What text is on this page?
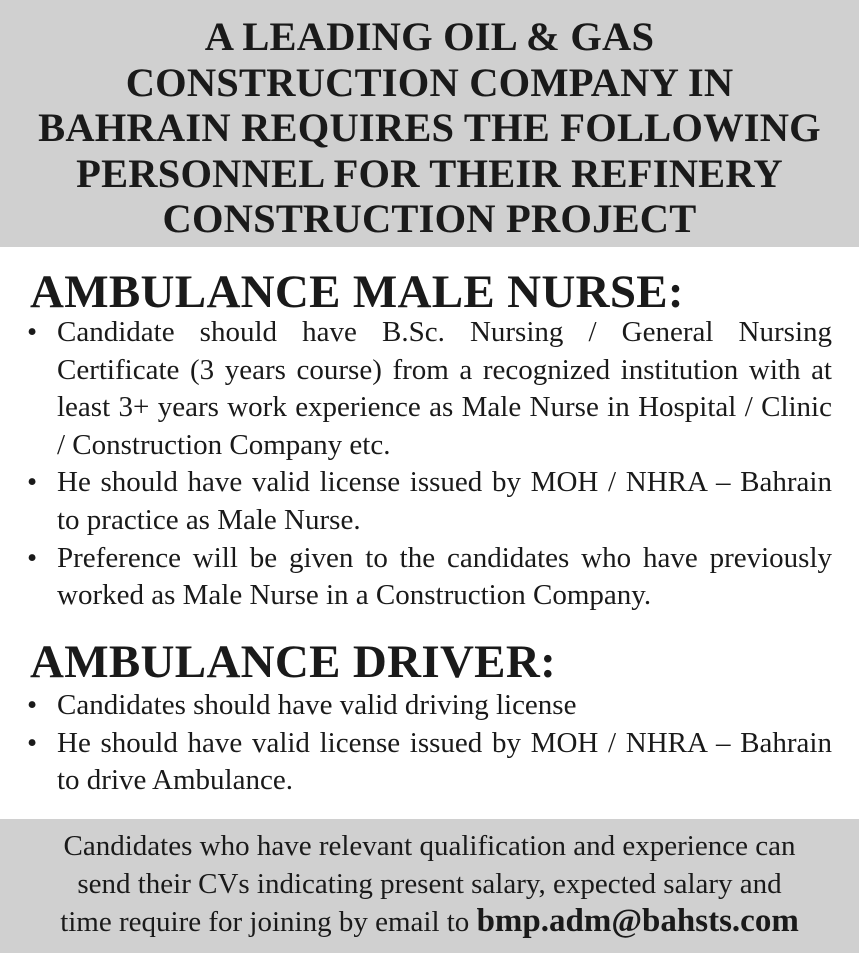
A LEADING OIL & GAS
CONSTRUCTION COMPANY IN
BAHRAIN REQUIRES THE FOLLOWING
PERSONNEL FOR THEIR REFINERY
CONSTRUCTION PROJECT
AMBULANCE MALE NURSE:
• Candidate should have B.Sc. Nursing / General Nursing Certificate (3 years course) from a recognized institution with at least 3+ years work experience as Male Nurse in Hospital / Clinic / Construction Company etc.
• He should have valid license issued by MOH / NHRA – Bahrain to practice as Male Nurse.
• Preference will be given to the candidates who have previously worked as Male Nurse in a Construction Company.
AMBULANCE DRIVER:
• Candidates should have valid driving license
• He should have valid license issued by MOH / NHRA – Bahrain to drive Ambulance.
Candidates who have relevant qualification and experience can
send their CVs indicating present salary, expected salary and
time require for joining by email to bmp.adm@bahsts.com
